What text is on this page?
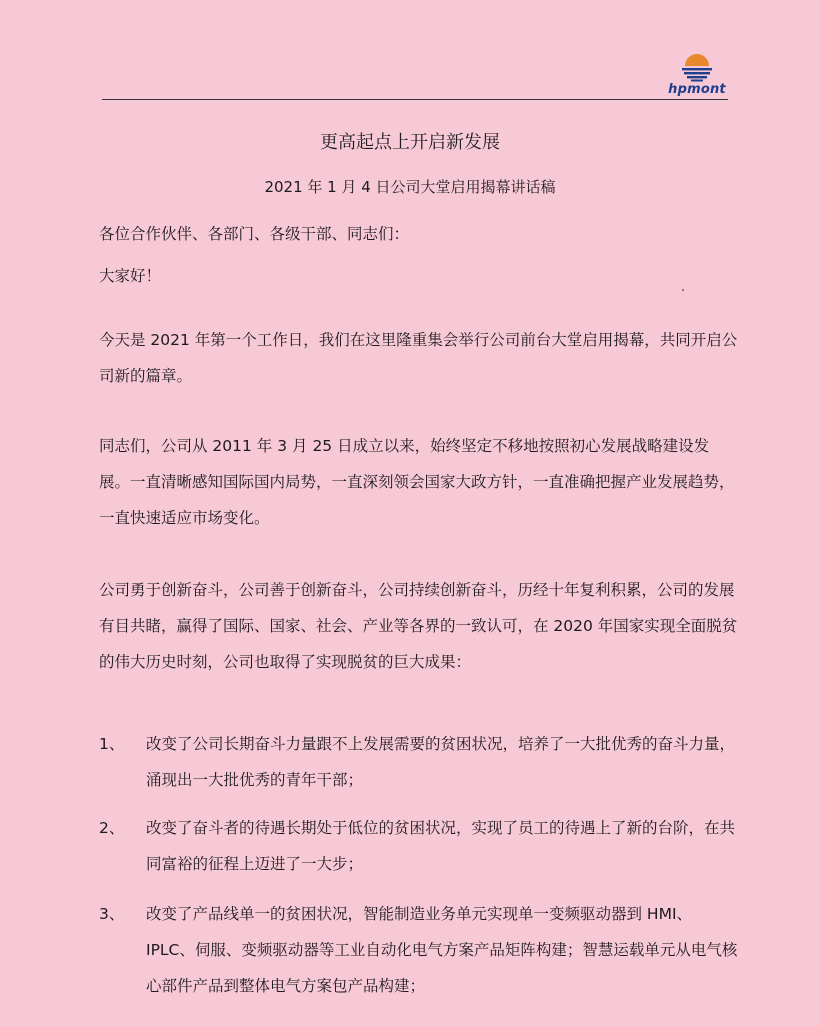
hpmont
更高起点上开启新发展
2021 年 1 月 4 日公司大堂启用揭幕讲话稿

各位合作伙伴、各部门、各级干部、同志们：

大家好！

今天是 2021 年第一个工作日，我们在这里隆重集会举行公司前台大堂启用揭幕，共同开启公司新的篇章。

同志们，公司从 2011 年 3 月 25 日成立以来，始终坚定不移地按照初心发展战略建设发展。一直清晰感知国际国内局势，一直深刻领会国家大政方针，一直准确把握产业发展趋势，一直快速适应市场变化。

公司勇于创新奋斗，公司善于创新奋斗，公司持续创新奋斗，历经十年复利积累，公司的发展有目共睹，赢得了国际、国家、社会、产业等各界的一致认可，在 2020 年国家实现全面脱贫的伟大历史时刻，公司也取得了实现脱贫的巨大成果：

1、 改变了公司长期奋斗力量跟不上发展需要的贫困状况，培养了一大批优秀的奋斗力量，涌现出一大批优秀的青年干部；

2、 改变了奋斗者的待遇长期处于低位的贫困状况，实现了员工的待遇上了新的台阶，在共同富裕的征程上迈进了一大步；

3、 改变了产品线单一的贫困状况，智能制造业务单元实现单一变频驱动器到 HMI、IPLC、伺服、变频驱动器等工业自动化电气方案产品矩阵构建；智慧运载单元从电气核心部件产品到整体电气方案包产品构建；
